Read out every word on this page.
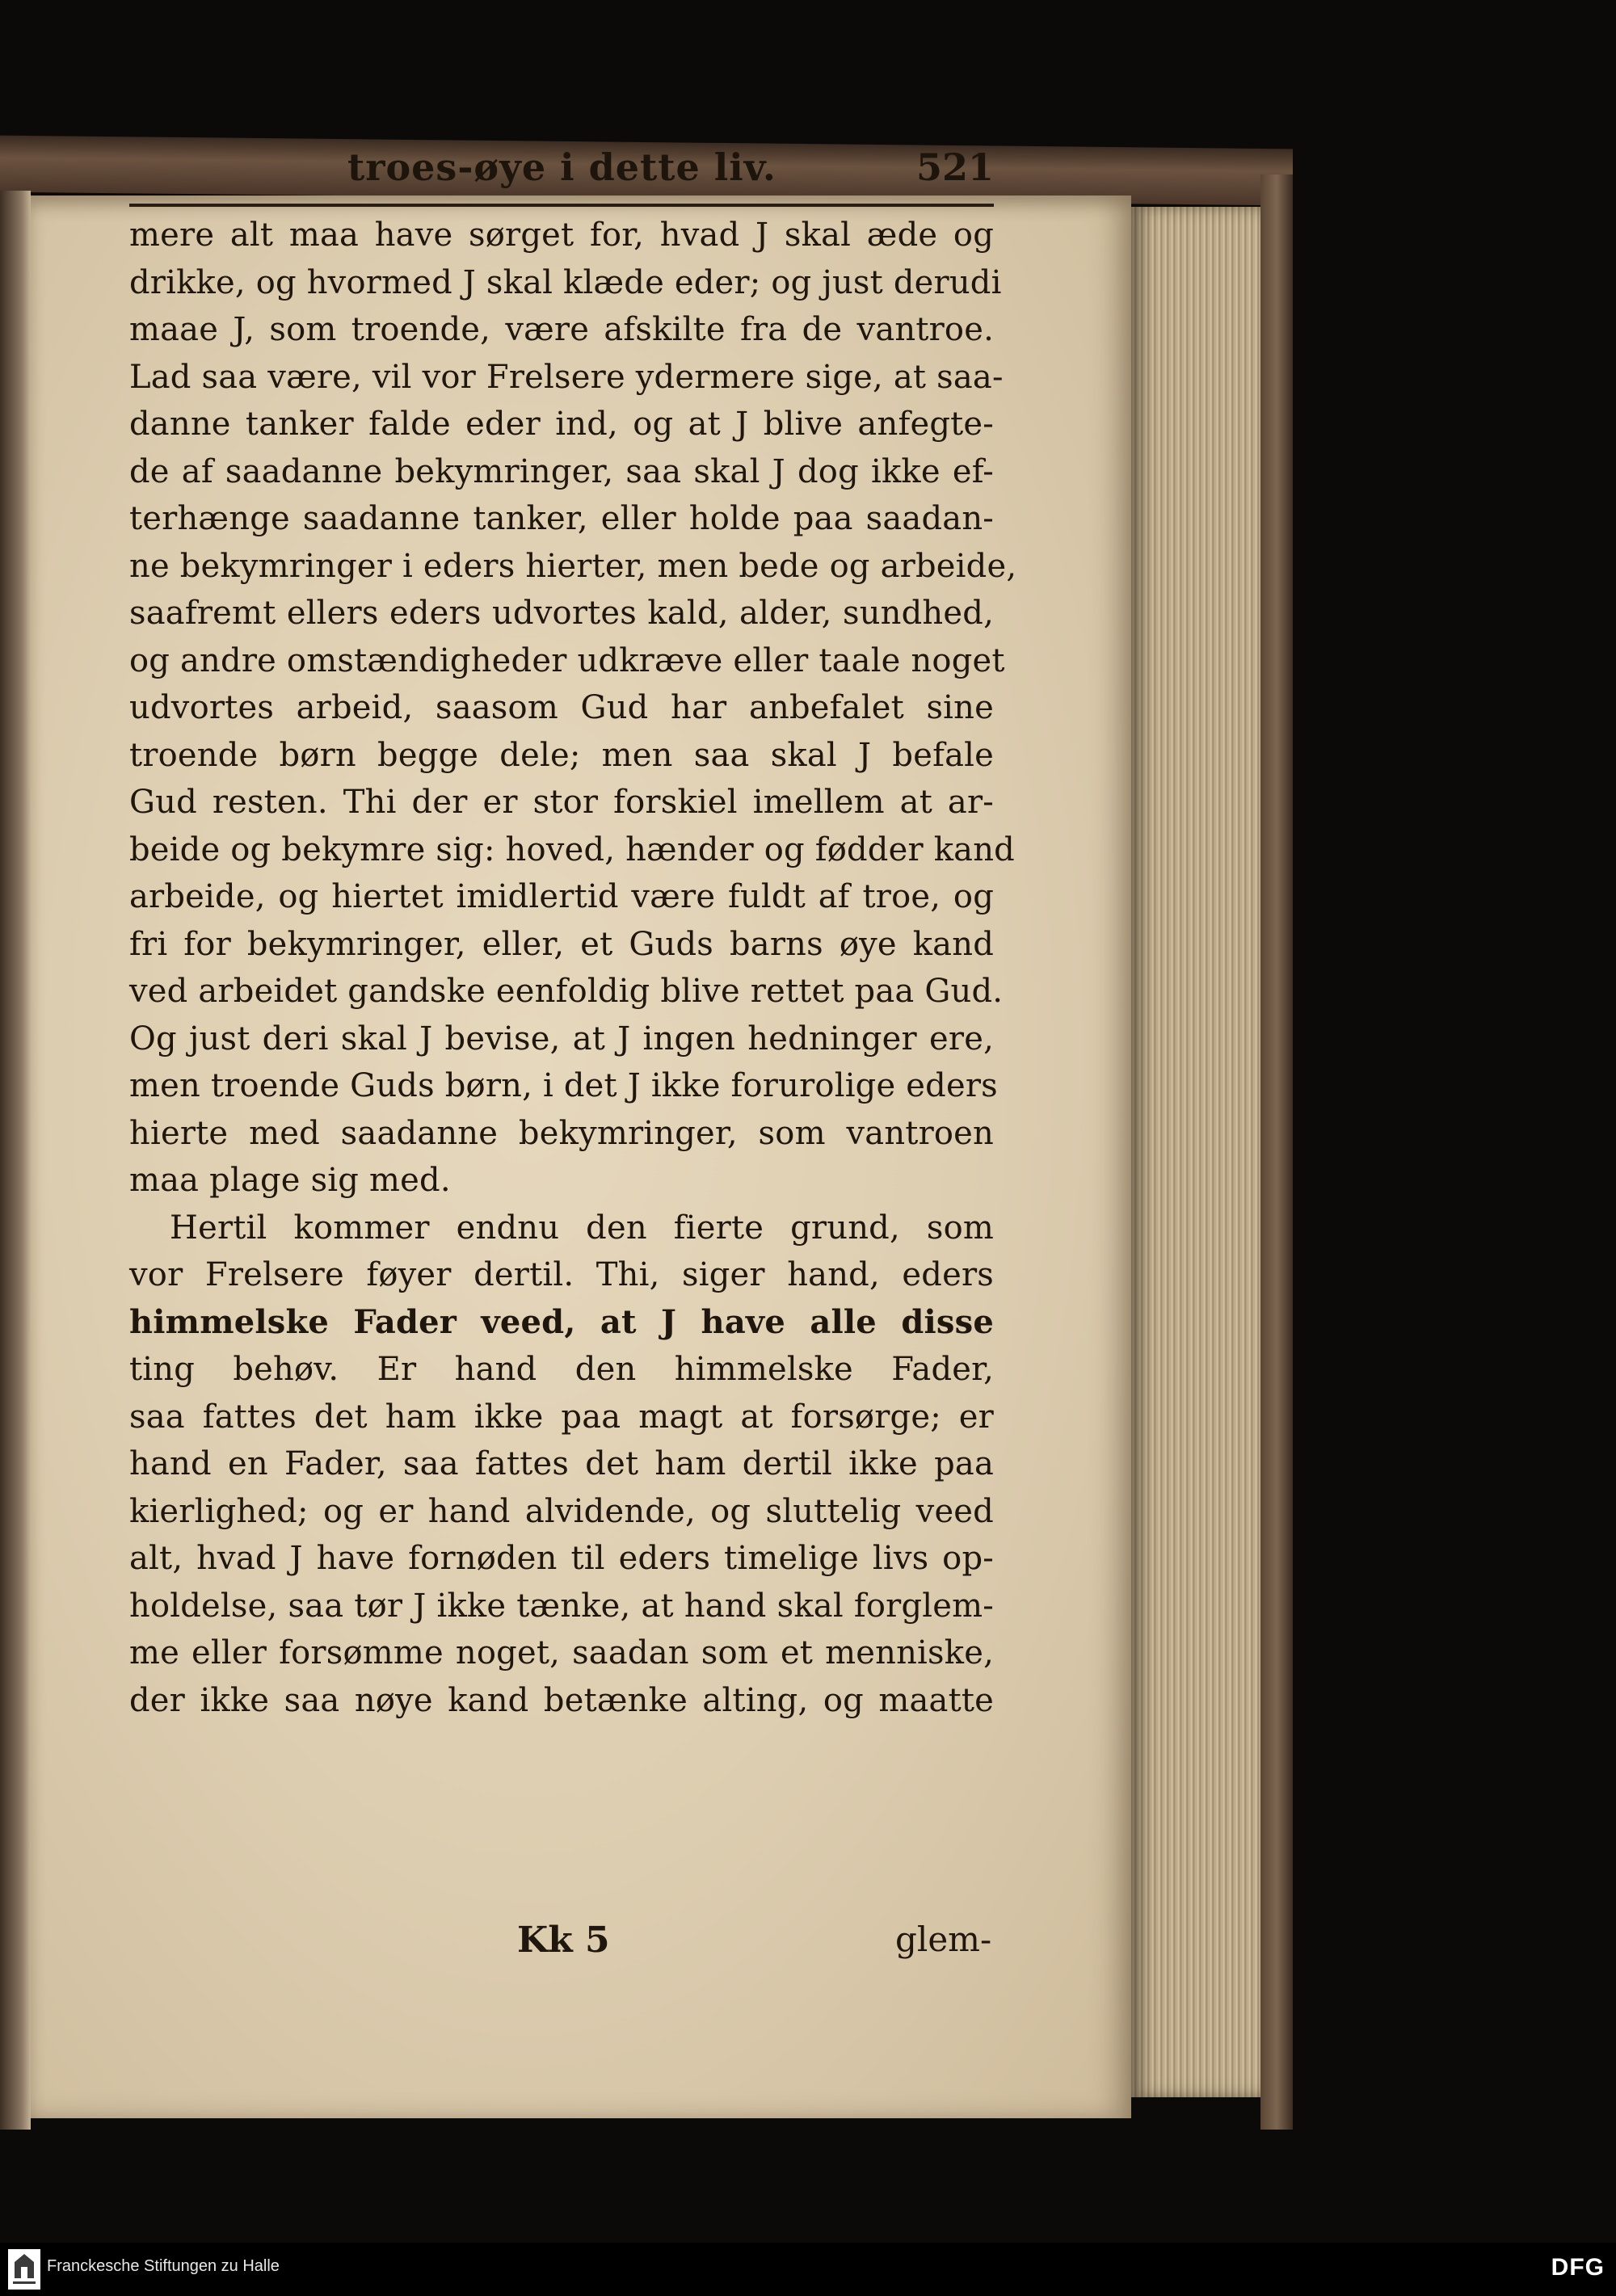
troes-øye i dette liv.	521
mere alt maa have sørget for, hvad J skal æde og
drikke, og hvormed J skal klæde eder; og just derudi
maae J, som troende, være afskilte fra de vantroe.
Lad saa være, vil vor Frelsere ydermere sige, at saa-
danne tanker falde eder ind, og at J blive anfegte-
de af saadanne bekymringer, saa skal J dog ikke ef-
terhænge saadanne tanker, eller holde paa saadan-
ne bekymringer i eders hierter, men bede og arbeide,
saafremt ellers eders udvortes kald, alder, sundhed,
og andre omstændigheder udkræve eller taale noget
udvortes arbeid, saasom Gud har anbefalet sine
troende børn begge dele; men saa skal J befale
Gud resten. Thi der er stor forskiel imellem at ar-
beide og bekymre sig: hoved, hænder og fødder kand
arbeide, og hiertet imidlertid være fuldt af troe, og
fri for bekymringer, eller, et Guds barns øye kand
ved arbeidet gandske eenfoldig blive rettet paa Gud.
Og just deri skal J bevise, at J ingen hedninger ere,
men troende Guds børn, i det J ikke forurolige eders
hierte med saadanne bekymringer, som vantroen
maa plage sig med.
Hertil kommer endnu den fierte grund, som
vor Frelsere føyer dertil. Thi, siger hand, eders
himmelske Fader veed, at J have alle disse
ting behøv. Er hand den himmelske Fader,
saa fattes det ham ikke paa magt at forsørge; er
hand en Fader, saa fattes det ham dertil ikke paa
kierlighed; og er hand alvidende, og sluttelig veed
alt, hvad J have fornøden til eders timelige livs op-
holdelse, saa tør J ikke tænke, at hand skal forglem-
me eller forsømme noget, saadan som et menniske,
der ikke saa nøye kand betænke alting, og maatte
Kk 5	glem-
Franckesche Stiftungen zu Halle	DFG
